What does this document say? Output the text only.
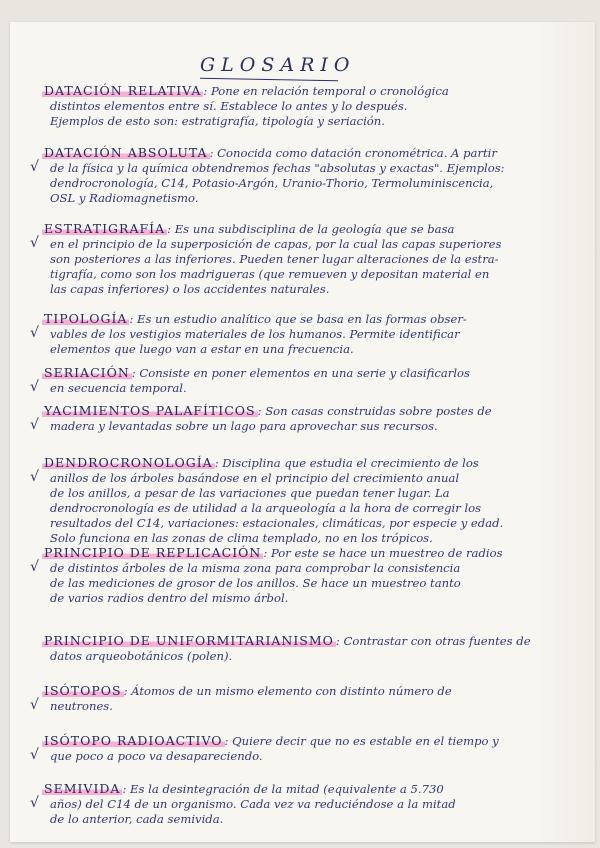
GLOSARIO
DATACIÓN RELATIVA : Pone en relación temporal o cronológica
distintos elementos entre sí. Establece lo antes y lo después.
Ejemplos de esto son: estratigrafía, tipología y seriación.
√
DATACIÓN ABSOLUTA : Conocida como datación cronométrica. A partir
de la física y la química obtendremos fechas "absolutas y exactas". Ejemplos:
dendrocronología, C14, Potasio-Argón, Uranio-Thorio, Termoluminiscencia,
OSL y Radiomagnetismo.
√
ESTRATIGRAFÍA : Es una subdisciplina de la geología que se basa
en el principio de la superposición de capas, por la cual las capas superiores
son posteriores a las inferiores. Pueden tener lugar alteraciones de la estra-
tigrafía, como son los madrigueras (que remueven y depositan material en
las capas inferiores) o los accidentes naturales.
√
TIPOLOGÍA : Es un estudio analítico que se basa en las formas obser-
vables de los vestigios materiales de los humanos. Permite identificar
elementos que luego van a estar en una frecuencia.
√
SERIACIÓN : Consiste en poner elementos en una serie y clasificarlos
en secuencia temporal.
√
YACIMIENTOS PALAFÍTICOS : Son casas construidas sobre postes de
madera y levantadas sobre un lago para aprovechar sus recursos.
√
DENDROCRONOLOGÍA : Disciplina que estudia el crecimiento de los
anillos de los árboles basándose en el principio del crecimiento anual
de los anillos, a pesar de las variaciones que puedan tener lugar. La
dendrocronología es de utilidad a la arqueología a la hora de corregir los
resultados del C14, variaciones: estacionales, climáticas, por especie y edad.
Solo funciona en las zonas de clima templado, no en los trópicos.
√
PRINCIPIO DE REPLICACIÓN : Por este se hace un muestreo de radios
de distintos árboles de la misma zona para comprobar la consistencia
de las mediciones de grosor de los anillos. Se hace un muestreo tanto
de varios radios dentro del mismo árbol.
PRINCIPIO DE UNIFORMITARIANISMO : Contrastar con otras fuentes de
datos arqueobotánicos (polen).
√
ISÓTOPOS : Átomos de un mismo elemento con distinto número de
neutrones.
√
ISÓTOPO RADIOACTIVO : Quiere decir que no es estable en el tiempo y
que poco a poco va desapareciendo.
√
SEMIVIDA : Es la desintegración de la mitad (equivalente a 5.730
años) del C14 de un organismo. Cada vez va reduciéndose a la mitad
de lo anterior, cada semivida.
